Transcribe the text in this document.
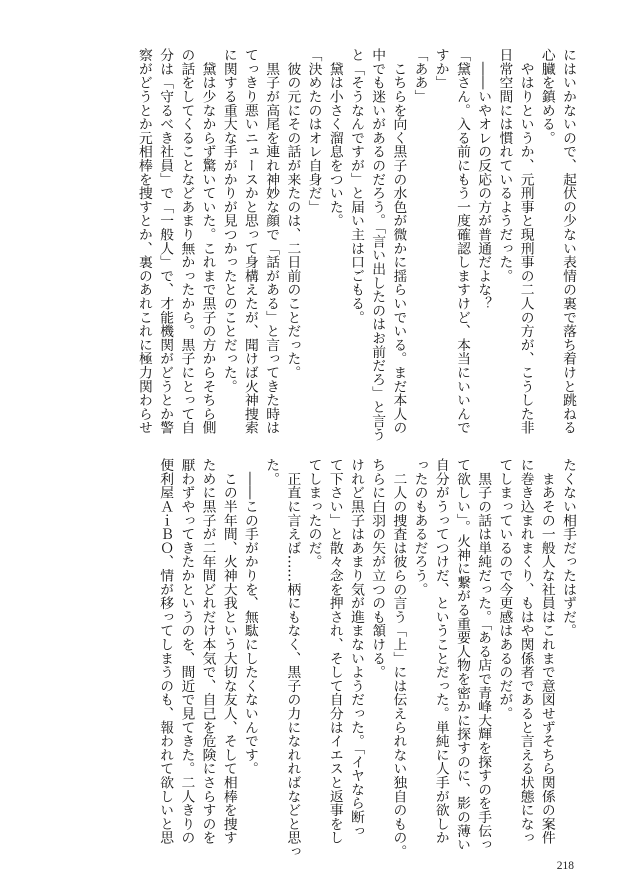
にはいかないので、起伏の少ない表情の裏で落ち着けと跳ねる
心臓を鎮める。
　やはりというか、元刑事と現刑事の二人の方が、こうした非
日常空間には慣れているようだった。
　――いやオレの反応の方が普通だよな？
「黛さん。入る前にもう一度確認しますけど、本当にいいんで
すか」
「ああ」
　こちらを向く黒子の水色が微かに揺らいでいる。まだ本人の
中でも迷いがあるのだろう。「言い出したのはお前だろ」と言う
と「そうなんですが」と届い主は口ごもる。
　黛は小さく溜息をついた。
「決めたのはオレ自身だ」
　彼の元にその話が来たのは、二日前のことだった。
　黒子が高尾を連れ神妙な顔で「話がある」と言ってきた時は
てっきり悪いニュースかと思って身構えたが、聞けば火神捜索
に関する重大な手がかりが見つかったとのことだった。
　黛は少なからず驚いていた。これまで黒子の方からそちら側
の話をしてくることなどあまり無かったから。黒子にとって自
分は「守るべき社員」で「一般人」で、才能機関がどうとか警
察がどうとか元相棒を捜すとか、裏のあれこれに極力関わらせ
たくない相手だったはずだ。
　まあその一般人な社員はこれまで意図せずそちら関係の案件
に巻き込まれまくり、もはや関係者であると言える状態になっ
てしまっているので今更感はあるのだが。
　黒子の話は単純だった。「ある店で青峰大輝を探すのを手伝っ
て欲しい」。火神に繋がる重要人物を密かに探すのに、影の薄い
自分がうってつけだ、ということだった。単純に人手が欲しか
ったのもあるだろう。
　二人の捜査は彼らの言う「上」には伝えられない独自のもの。
ちらに白羽の矢が立つのも頷ける。
けれど黒子はあまり気が進まないようだった。「イヤなら断っ
て下さい」と散々念を押され、そして自分はイエスと返事をし
てしまったのだ。
　正直に言えば……柄にもなく、黒子の力になれればなどと思っ
た。
　――この手がかりを、無駄にしたくないんです。
　この半年間、火神大我という大切な友人、そして相棒を捜す
ために黒子が二年間どれだけ本気で、自己を危険にさらすのを
厭わずやってきたかというのを、間近で見てきた。二人きりの
便利屋ＡｉＢＯ、情が移ってしまうのも、報われて欲しいと思
218
